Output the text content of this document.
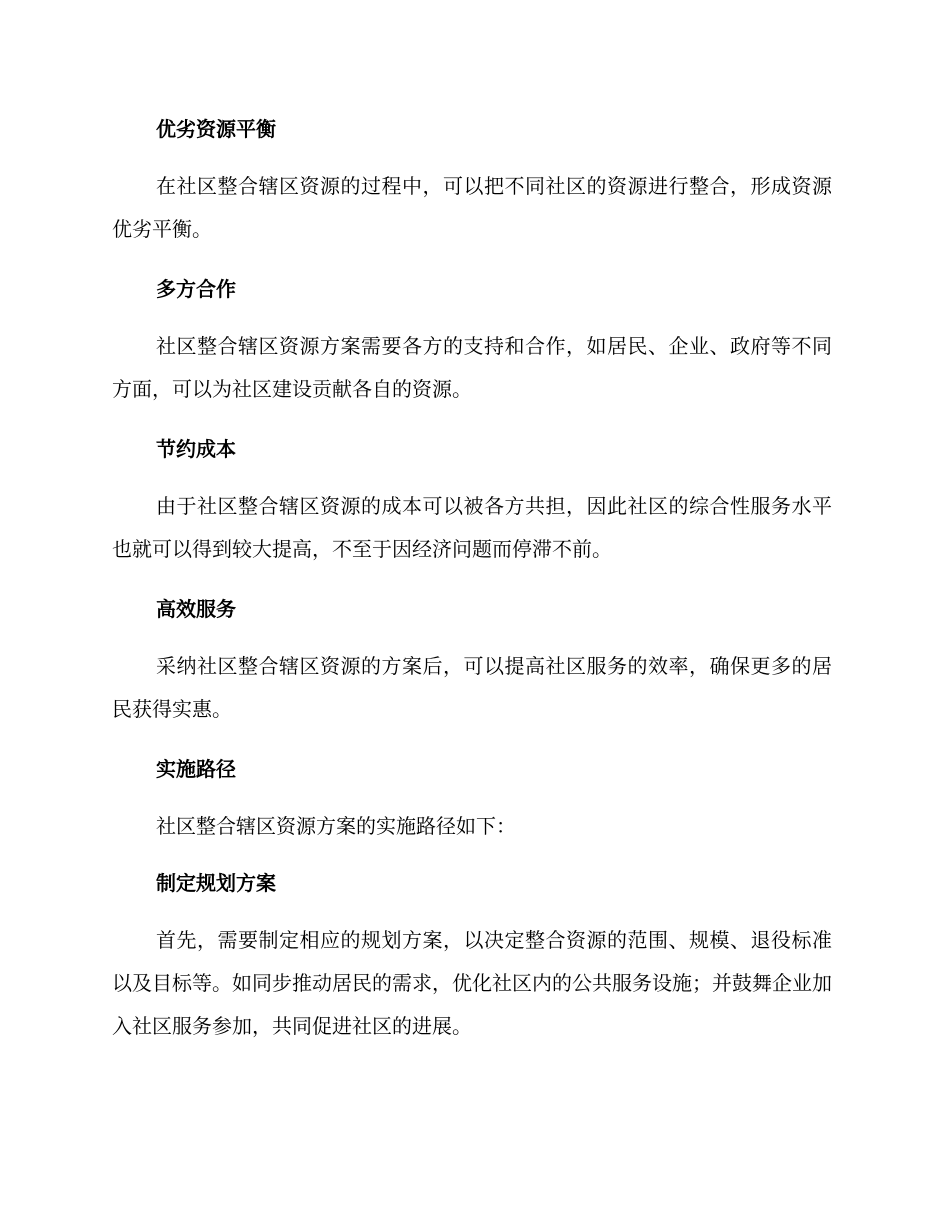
优劣资源平衡

在社区整合辖区资源的过程中，可以把不同社区的资源进行整合，形成资源优劣平衡。

多方合作

社区整合辖区资源方案需要各方的支持和合作，如居民、企业、政府等不同方面，可以为社区建设贡献各自的资源。

节约成本

由于社区整合辖区资源的成本可以被各方共担，因此社区的综合性服务水平也就可以得到较大提高，不至于因经济问题而停滞不前。

高效服务

采纳社区整合辖区资源的方案后，可以提高社区服务的效率，确保更多的居民获得实惠。

实施路径

社区整合辖区资源方案的实施路径如下：

制定规划方案

首先，需要制定相应的规划方案，以决定整合资源的范围、规模、退役标准以及目标等。如同步推动居民的需求，优化社区内的公共服务设施；并鼓舞企业加入社区服务参加，共同促进社区的进展。
